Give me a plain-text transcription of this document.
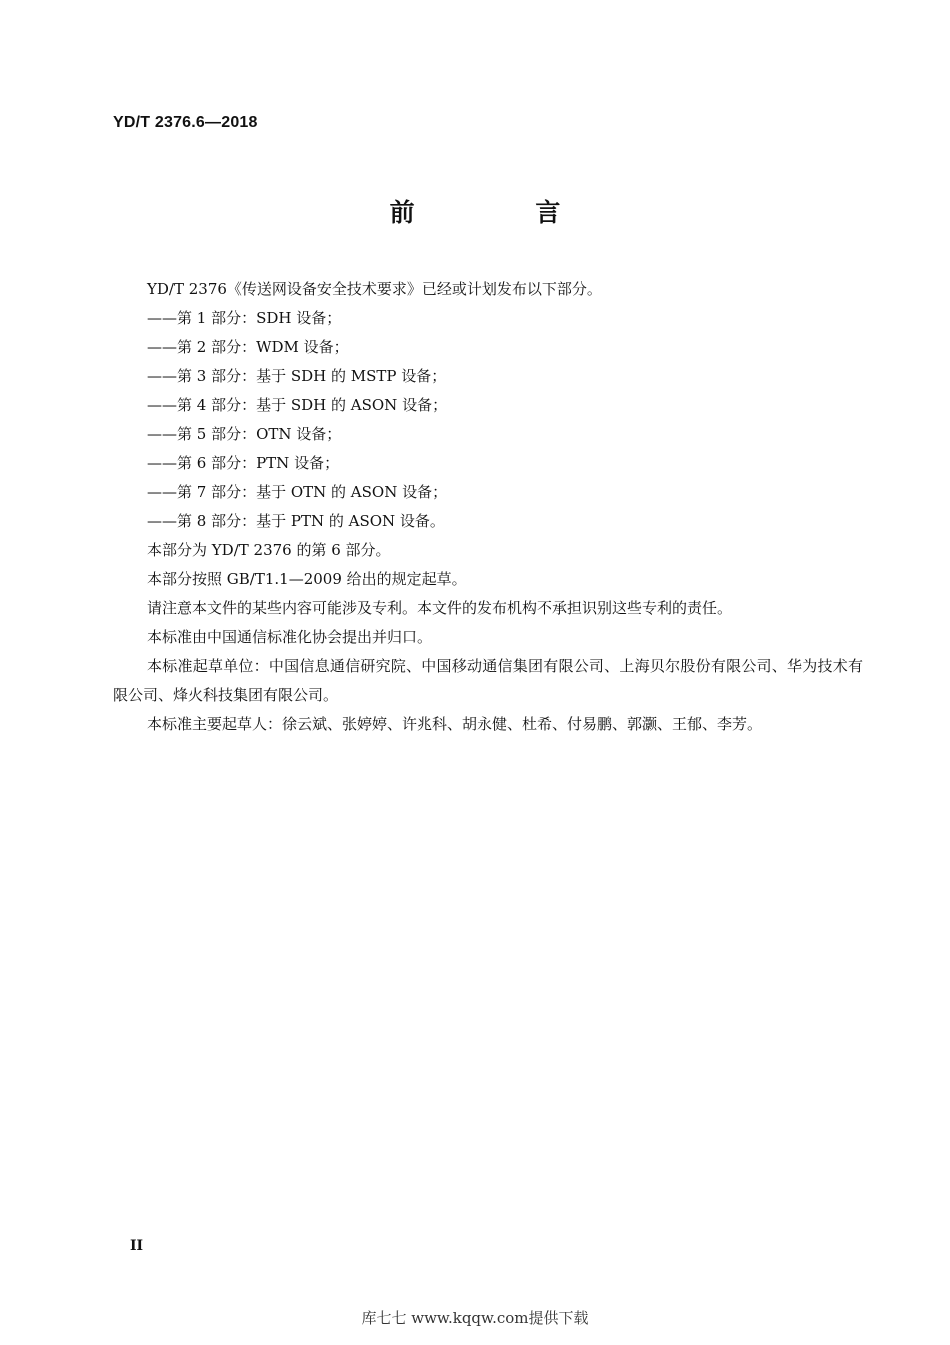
YD/T 2376.6—2018

前 言

YD/T 2376《传送网设备安全技术要求》已经或计划发布以下部分。

——第 1 部分：SDH 设备；

——第 2 部分：WDM 设备；

——第 3 部分：基于 SDH 的 MSTP 设备；

——第 4 部分：基于 SDH 的 ASON 设备；

——第 5 部分：OTN 设备；

——第 6 部分：PTN 设备；

——第 7 部分：基于 OTN 的 ASON 设备；

——第 8 部分：基于 PTN 的 ASON 设备。

本部分为 YD/T 2376 的第 6 部分。

本部分按照 GB/T1.1—2009 给出的规定起草。

请注意本文件的某些内容可能涉及专利。本文件的发布机构不承担识别这些专利的责任。

本标准由中国通信标准化协会提出并归口。

本标准起草单位：中国信息通信研究院、中国移动通信集团有限公司、上海贝尔股份有限公司、华为技术有限公司、烽火科技集团有限公司。

本标准主要起草人：徐云斌、张婷婷、许兆科、胡永健、杜希、付易鹏、郭灏、王郁、李芳。

II

库七七 www.kqqw.com提供下载
